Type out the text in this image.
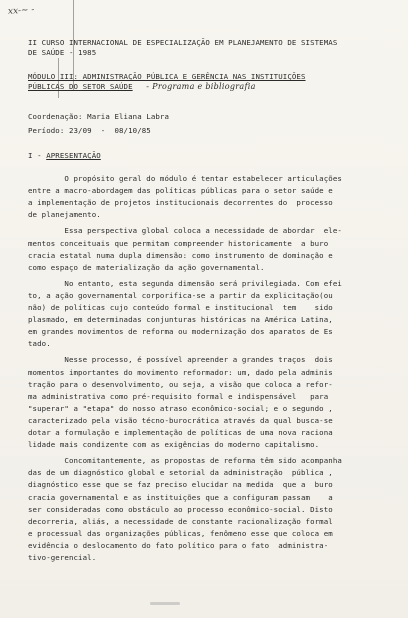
xx-~ -
II CURSO INTERNACIONAL DE ESPECIALIZAÇÃO EM PLANEJAMENTO DE SISTEMAS
DE SAÚDE - 1985
MÓDULO III: ADMINISTRAÇÃO PÚBLICA E GERÊNCIA NAS INSTITUIÇÕES
PÚBLICAS DO SETOR SAÚDE - Programa e bibliografia
Coordenação: Maria Eliana Labra
Período: 23/09  -  08/10/85
I - APRESENTAÇÃO
O propósito geral do módulo é tentar estabelecer articulações
entre a macro-abordagem das políticas públicas para o setor saúde e
a implementação de projetos institucionais decorrentes do  processo
de planejamento.
Essa perspectiva global coloca a necessidade de abordar  ele-
mentos conceituais que permitam compreender historicamente  a buro
cracia estatal numa dupla dimensão: como instrumento de dominação e
como espaço de materialização da ação governamental.
No entanto, esta segunda dimensão será privilegiada. Com efei
to, a ação governamental corporifica-se a partir da explicitação(ou
não) de políticas cujo conteúdo formal e institucional  tem    sido
plasmado, em determinadas conjunturas históricas na América Latina,
em grandes movimentos de reforma ou modernização dos aparatos de Es
tado.
Nesse processo, é possível apreender a grandes traços  dois
momentos importantes do movimento reformador: um, dado pela adminis
tração para o desenvolvimento, ou seja, a visão que coloca a refor-
ma administrativa como pré-requisito formal e indispensável   para
"superar" a "etapa" do nosso atraso econômico-social; e o segundo ,
caracterizado pela visão técno-burocrática através da qual busca-se
dotar a formulação e implementação de políticas de uma nova raciona
lidade mais condizente com as exigências do moderno capitalismo.
Concomitantemente, as propostas de reforma têm sido acompanha
das de um diagnóstico global e setorial da administração  pública ,
diagnóstico esse que se faz preciso elucidar na medida  que a  buro
cracia governamental e as instituições que a configuram passam    a
ser consideradas como obstáculo ao processo econômico-social. Disto
decorreria, aliás, a necessidade de constante racionalização formal
e processual das organizações públicas, fenômeno esse que coloca em
evidência o deslocamento do fato político para o fato  administra-
tivo-gerencial.
